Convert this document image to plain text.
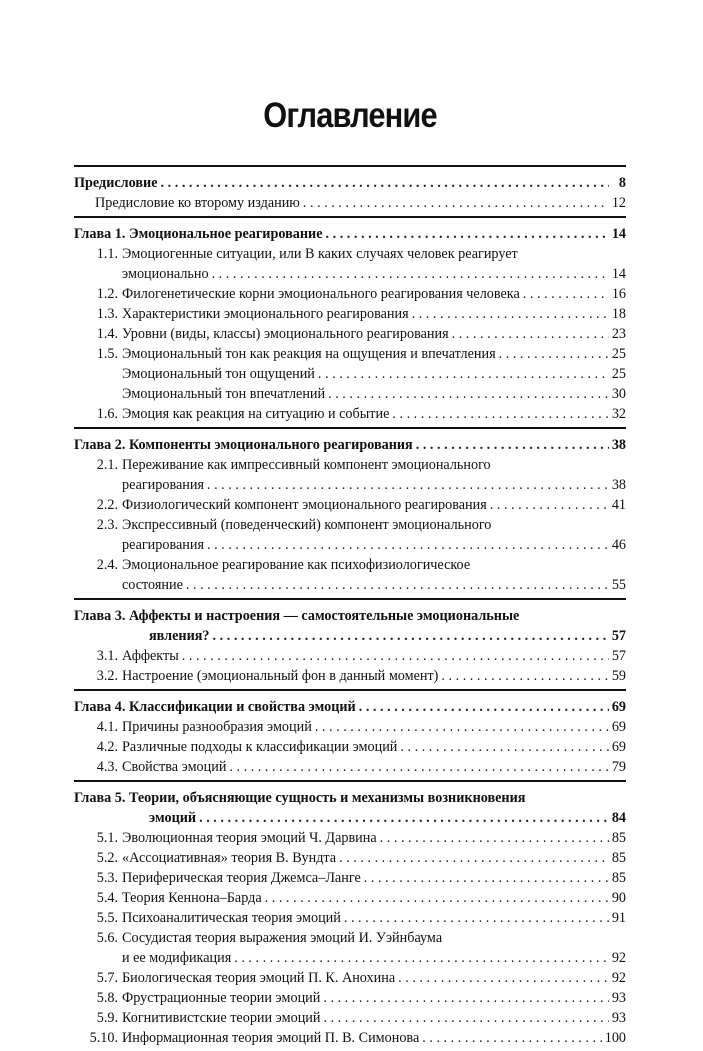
Оглавление
Предисловие . . .	8
Предисловие ко второму изданию . . .	12
Глава 1. Эмоциональное реагирование . . .	14
1.1. Эмоциогенные ситуации, или В каких случаях человек реагирует
эмоционально . . .	14
1.2. Филогенетические корни эмоционального реагирования человека . . .	16
1.3. Характеристики эмоционального реагирования . . .	18
1.4. Уровни (виды, классы) эмоционального реагирования . . .	23
1.5. Эмоциональный тон как реакция на ощущения и впечатления . . .	25
Эмоциональный тон ощущений . . .	25
Эмоциональный тон впечатлений . . .	30
1.6. Эмоция как реакция на ситуацию и событие . . .	32
Глава 2. Компоненты эмоционального реагирования . . .	38
2.1. Переживание как импрессивный компонент эмоционального
реагирования . . .	38
2.2. Физиологический компонент эмоционального реагирования . . .	41
2.3. Экспрессивный (поведенческий) компонент эмоционального
реагирования . . .	46
2.4. Эмоциональное реагирование как психофизиологическое
состояние . . .	55
Глава 3. Аффекты и настроения — самостоятельные эмоциональные
явления? . . .	57
3.1. Аффекты . . .	57
3.2. Настроение (эмоциональный фон в данный момент) . . .	59
Глава 4. Классификации и свойства эмоций . . .	69
4.1. Причины разнообразия эмоций . . .	69
4.2. Различные подходы к классификации эмоций . . .	69
4.3. Свойства эмоций . . .	79
Глава 5. Теории, объясняющие сущность и механизмы возникновения
эмоций . . .	84
5.1. Эволюционная теория эмоций Ч. Дарвина . . .	85
5.2. «Ассоциативная» теория В. Вундта . . .	85
5.3. Периферическая теория Джемса–Ланге . . .	85
5.4. Теория Кеннона–Барда . . .	90
5.5. Психоаналитическая теория эмоций . . .	91
5.6. Сосудистая теория выражения эмоций И. Уэйнбаума
и ее модификация . . .	92
5.7. Биологическая теория эмоций П. К. Анохина . . .	92
5.8. Фрустрационные теории эмоций . . .	93
5.9. Когнитивистские теории эмоций . . .	93
5.10. Информационная теория эмоций П. В. Симонова . . .	100
